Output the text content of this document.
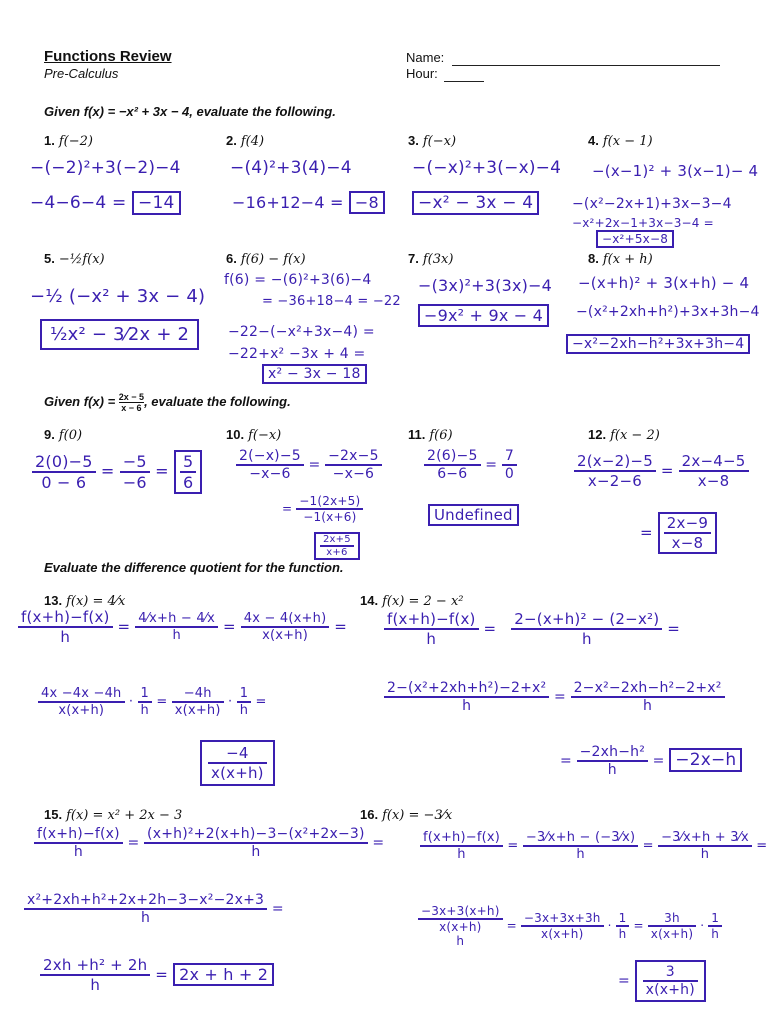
Functions Review
Pre-Calculus
Name:
Hour:
Given f(x) = −x² + 3x − 4, evaluate the following.
1. f(−2)
−(−2)²+3(−2)−4
−4−6−4 = −14
2. f(4)
−(4)²+3(4)−4
−16+12−4 = −8
3. f(−x)
−(−x)²+3(−x)−4
−x² − 3x − 4
4. f(x − 1)
−(x−1)² + 3(x−1)− 4
−(x²−2x+1)+3x−3−4
−x²+2x−1+3x−3−4 =
−x²+5x−8
5. −½f(x)
−½ (−x² + 3x − 4)
½x² − 3⁄2x + 2
6. f(6) − f(x)
f(6) = −(6)²+3(6)−4
= −36+18−4 = −22
−22−(−x²+3x−4) =
−22+x² −3x + 4 =
x² − 3x − 18
7. f(3x)
−(3x)²+3(3x)−4
−9x² + 9x − 4
8. f(x + h)
−(x+h)² + 3(x+h) − 4
−(x²+2xh+h²)+3x+3h−4
−x²−2xh−h²+3x+3h−4
Given $f(x) = \frac{2x - 5}{x - 6}$ , evaluate the following.
9. f(0)
$\frac{2(0)-5}{0 - 6} = \frac{-5}{-6} = \frac{5}{6}$
10. f(−x)
$\frac{2(-x)-5}{-x-6} = \frac{-2x-5}{-x-6}$
= $\frac{-1(2x+5)}{-1(x+6)}$
$\frac{2x+5}{x+6}$
11. f(6)
$\frac{2(6)-5}{6-6} = \frac{7}{0}$
Undefined
12. f(x − 2)
$\frac{2(x-2)-5}{x-2-6} = \frac{2x-4-5}{x-8}$
= $\frac{2x-9}{x-8}$
Evaluate the difference quotient for the function.
13. f(x) = 4⁄x
$\frac{f(x+h)-f(x)}{h} = \frac{4⁄x+h - 4⁄x}{h} = \frac{4x - 4(x+h)}{x(x+h)}$ =
$\frac{4x -4x -4h}{x(x+h)} \cdot \frac{1}{h} = \frac{-4h}{x(x+h)} \cdot \frac{1}{h}$ =
$\frac{-4}{x(x+h)}$
14. f(x) = 2 − x²
$\frac{f(x+h)-f(x)}{h} = \frac{\text{2−(x+h)² − (2−x²)}}{h}$ =
$\frac{\text{2−(x²+2xh+h²)−2+x²}}{h} = \frac{\text{2−x²−2xh−h²−2+x²}}{h}$
= $\frac{\text{−2xh−h²}}{h} = -2x-h$
15. f(x) = x² + 2x − 3
$\frac{f(x+h)-f(x)}{h} = \frac{\text{(x+h)²+2(x+h)−3−(x²+2x−3)}}{h}$ =
$\frac{\text{x²+2xh+h²+2x+2h−3−x²−2x+3}}{h}$ =
$\frac{\text{2xh +h² + 2h}}{h} = 2x + h + 2$
16. f(x) = −3⁄x
$\frac{f(x+h)-f(x)}{h} = \frac{-3⁄x+h - (-3⁄x)}{h} = \frac{-3⁄x+h + 3⁄x}{h}$ =
−3x+3(x+h)
x(x+h)
h
= $\frac{-3x+3x+3h}{x(x+h)} \cdot \frac{1}{h} = \frac{3h}{x(x+h)} \cdot \frac{1}{h}$
= $\frac{3}{x(x+h)}$
